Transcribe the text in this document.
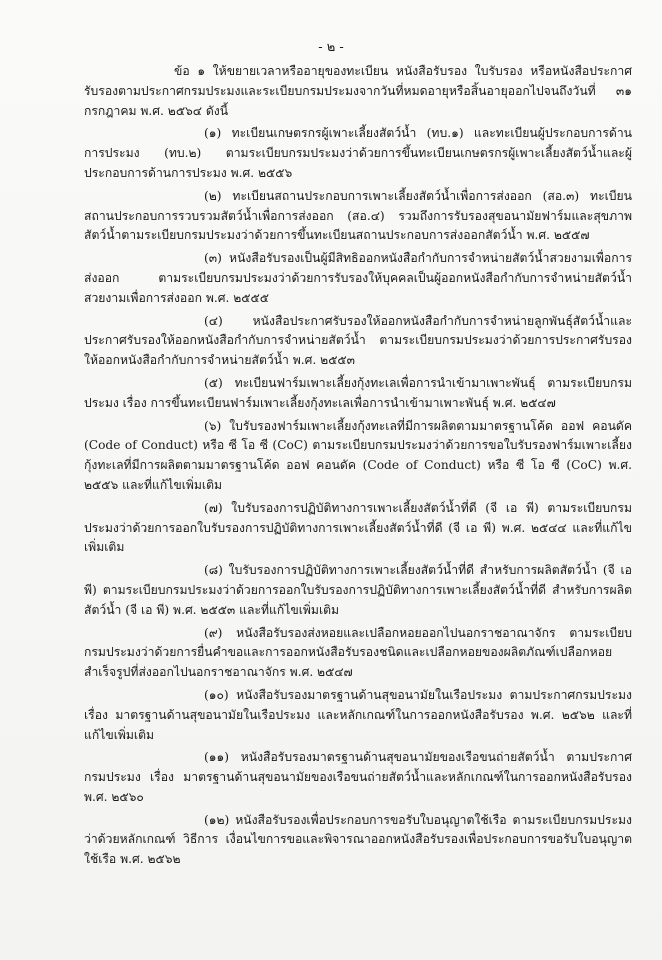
- ๒ -

ข้อ ๑ ให้ขยายเวลาหรืออายุของทะเบียน หนังสือรับรอง ใบรับรอง หรือหนังสือประกาศรับรองตามประกาศกรมประมงและระเบียบกรมประมงจากวันที่หมดอายุหรือสิ้นอายุออกไปจนถึงวันที่ ๓๑ กรกฎาคม พ.ศ. ๒๕๖๔ ดังนี้

(๑) ทะเบียนเกษตรกรผู้เพาะเลี้ยงสัตว์น้ำ (ทบ.๑) และทะเบียนผู้ประกอบการด้านการประมง (ทบ.๒) ตามระเบียบกรมประมงว่าด้วยการขึ้นทะเบียนเกษตรกรผู้เพาะเลี้ยงสัตว์น้ำและผู้ประกอบการด้านการประมง พ.ศ. ๒๕๕๖

(๒) ทะเบียนสถานประกอบการเพาะเลี้ยงสัตว์น้ำเพื่อการส่งออก (สอ.๓) ทะเบียนสถานประกอบการรวบรวมสัตว์น้ำเพื่อการส่งออก (สอ.๔) รวมถึงการรับรองสุขอนามัยฟาร์มและสุขภาพสัตว์น้ำตามระเบียบกรมประมงว่าด้วยการขึ้นทะเบียนสถานประกอบการส่งออกสัตว์น้ำ พ.ศ. ๒๕๕๗

(๓) หนังสือรับรองเป็นผู้มีสิทธิออกหนังสือกำกับการจำหน่ายสัตว์น้ำสวยงามเพื่อการส่งออก ตามระเบียบกรมประมงว่าด้วยการรับรองให้บุคคลเป็นผู้ออกหนังสือกำกับการจำหน่ายสัตว์น้ำสวยงามเพื่อการส่งออก พ.ศ. ๒๕๕๕

(๔) หนังสือประกาศรับรองให้ออกหนังสือกำกับการจำหน่ายลูกพันธุ์สัตว์น้ำและประกาศรับรองให้ออกหนังสือกำกับการจำหน่ายสัตว์น้ำ ตามระเบียบกรมประมงว่าด้วยการประกาศรับรองให้ออกหนังสือกำกับการจำหน่ายสัตว์น้ำ พ.ศ. ๒๕๕๓

(๕) ทะเบียนฟาร์มเพาะเลี้ยงกุ้งทะเลเพื่อการนำเข้ามาเพาะพันธุ์ ตามระเบียบกรมประมง เรื่อง การขึ้นทะเบียนฟาร์มเพาะเลี้ยงกุ้งทะเลเพื่อการนำเข้ามาเพาะพันธุ์ พ.ศ. ๒๕๔๗

(๖) ใบรับรองฟาร์มเพาะเลี้ยงกุ้งทะเลที่มีการผลิตตามมาตรฐานโค้ด ออฟ คอนดัค (Code of Conduct) หรือ ซี โอ ซี (CoC) ตามระเบียบกรมประมงว่าด้วยการขอใบรับรองฟาร์มเพาะเลี้ยงกุ้งทะเลที่มีการผลิตตามมาตรฐานโค้ด ออฟ คอนดัค (Code of Conduct) หรือ ซี โอ ซี (CoC) พ.ศ. ๒๕๕๖ และที่แก้ไขเพิ่มเติม

(๗) ใบรับรองการปฏิบัติทางการเพาะเลี้ยงสัตว์น้ำที่ดี (จี เอ พี) ตามระเบียบกรมประมงว่าด้วยการออกใบรับรองการปฏิบัติทางการเพาะเลี้ยงสัตว์น้ำที่ดี (จี เอ พี) พ.ศ. ๒๕๔๔ และที่แก้ไขเพิ่มเติม

(๘) ใบรับรองการปฏิบัติทางการเพาะเลี้ยงสัตว์น้ำที่ดี สำหรับการผลิตสัตว์น้ำ (จี เอ พี) ตามระเบียบกรมประมงว่าด้วยการออกใบรับรองการปฏิบัติทางการเพาะเลี้ยงสัตว์น้ำที่ดี สำหรับการผลิตสัตว์น้ำ (จี เอ พี) พ.ศ. ๒๕๕๓ และที่แก้ไขเพิ่มเติม

(๙) หนังสือรับรองส่งหอยและเปลือกหอยออกไปนอกราชอาณาจักร ตามระเบียบกรมประมงว่าด้วยการยื่นคำขอและการออกหนังสือรับรองชนิดและเปลือกหอยของผลิตภัณฑ์เปลือกหอยสำเร็จรูปที่ส่งออกไปนอกราชอาณาจักร พ.ศ. ๒๕๔๗

(๑๐) หนังสือรับรองมาตรฐานด้านสุขอนามัยในเรือประมง ตามประกาศกรมประมง เรื่อง มาตรฐานด้านสุขอนามัยในเรือประมง และหลักเกณฑ์ในการออกหนังสือรับรอง พ.ศ. ๒๕๖๒ และที่แก้ไขเพิ่มเติม

(๑๑) หนังสือรับรองมาตรฐานด้านสุขอนามัยของเรือขนถ่ายสัตว์น้ำ ตามประกาศกรมประมง เรื่อง มาตรฐานด้านสุขอนามัยของเรือขนถ่ายสัตว์น้ำและหลักเกณฑ์ในการออกหนังสือรับรอง พ.ศ. ๒๕๖๐

(๑๒) หนังสือรับรองเพื่อประกอบการขอรับใบอนุญาตใช้เรือ ตามระเบียบกรมประมงว่าด้วยหลักเกณฑ์ วิธีการ เงื่อนไขการขอและพิจารณาออกหนังสือรับรองเพื่อประกอบการขอรับใบอนุญาตใช้เรือ พ.ศ. ๒๕๖๒
